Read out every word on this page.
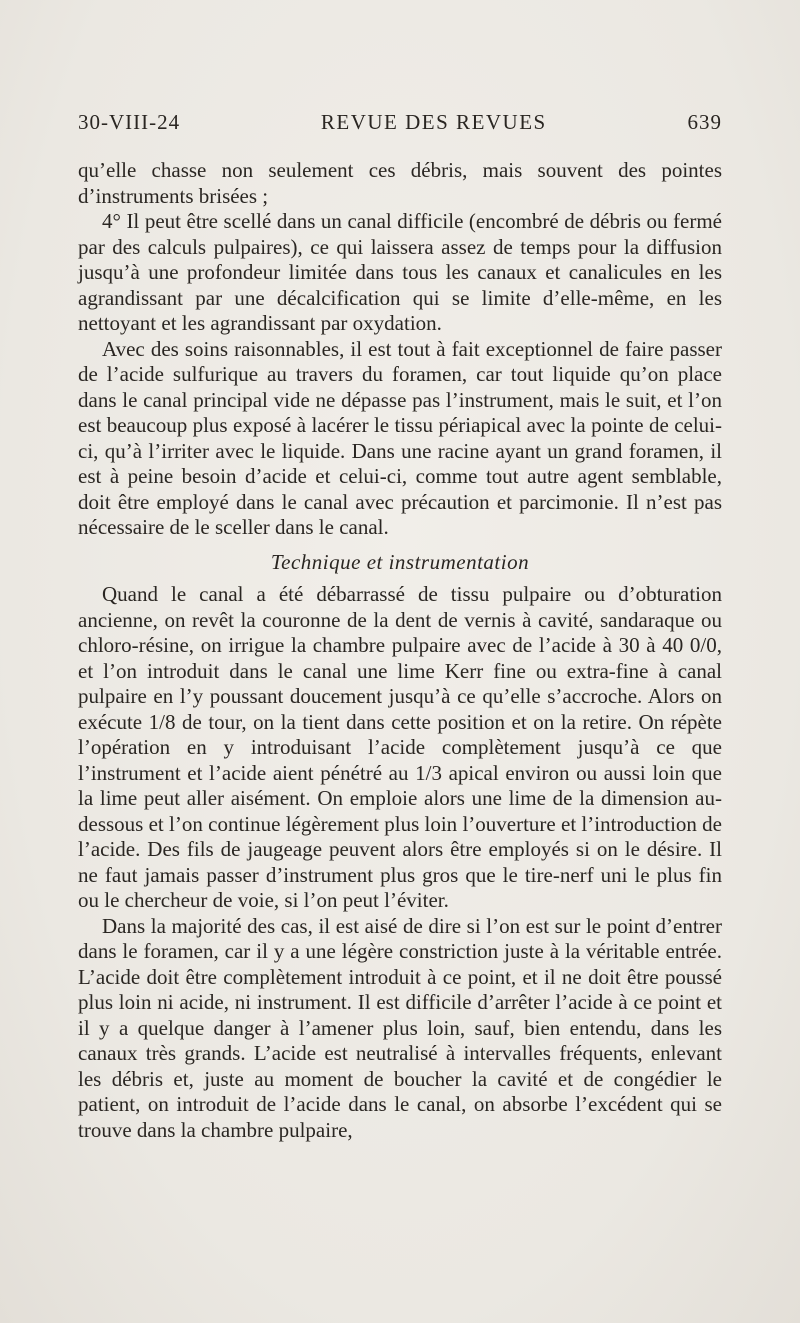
30-VIII-24	REVUE DES REVUES	639

qu’elle chasse non seulement ces débris, mais souvent des pointes d’instruments brisées ;

4° Il peut être scellé dans un canal difficile (encombré de débris ou fermé par des calculs pulpaires), ce qui laissera assez de temps pour la diffusion jusqu’à une profondeur limitée dans tous les canaux et canalicules en les agrandissant par une décalcification qui se limite d’elle-même, en les nettoyant et les agrandissant par oxydation.

Avec des soins raisonnables, il est tout à fait exceptionnel de faire passer de l’acide sulfurique au travers du foramen, car tout liquide qu’on place dans le canal principal vide ne dépasse pas l’instrument, mais le suit, et l’on est beaucoup plus exposé à lacérer le tissu périapical avec la pointe de celui-ci, qu’à l’irriter avec le liquide. Dans une racine ayant un grand foramen, il est à peine besoin d’acide et celui-ci, comme tout autre agent semblable, doit être employé dans le canal avec précaution et parcimonie. Il n’est pas nécessaire de le sceller dans le canal.

Technique et instrumentation

Quand le canal a été débarrassé de tissu pulpaire ou d’obturation ancienne, on revêt la couronne de la dent de vernis à cavité, sandaraque ou chloro-résine, on irrigue la chambre pulpaire avec de l’acide à 30 à 40 0/0, et l’on introduit dans le canal une lime Kerr fine ou extra-fine à canal pulpaire en l’y poussant doucement jusqu’à ce qu’elle s’accroche. Alors on exécute 1/8 de tour, on la tient dans cette position et on la retire. On répète l’opération en y introduisant l’acide complètement jusqu’à ce que l’instrument et l’acide aient pénétré au 1/3 apical environ ou aussi loin que la lime peut aller aisément. On emploie alors une lime de la dimension au-dessous et l’on continue légèrement plus loin l’ouverture et l’introduction de l’acide. Des fils de jaugeage peuvent alors être employés si on le désire. Il ne faut jamais passer d’instrument plus gros que le tire-nerf uni le plus fin ou le chercheur de voie, si l’on peut l’éviter.

Dans la majorité des cas, il est aisé de dire si l’on est sur le point d’entrer dans le foramen, car il y a une légère constriction juste à la véritable entrée. L’acide doit être complètement introduit à ce point, et il ne doit être poussé plus loin ni acide, ni instrument. Il est difficile d’arrêter l’acide à ce point et il y a quelque danger à l’amener plus loin, sauf, bien entendu, dans les canaux très grands. L’acide est neutralisé à intervalles fréquents, enlevant les débris et, juste au moment de boucher la cavité et de congédier le patient, on introduit de l’acide dans le canal, on absorbe l’excédent qui se trouve dans la chambre pulpaire,
